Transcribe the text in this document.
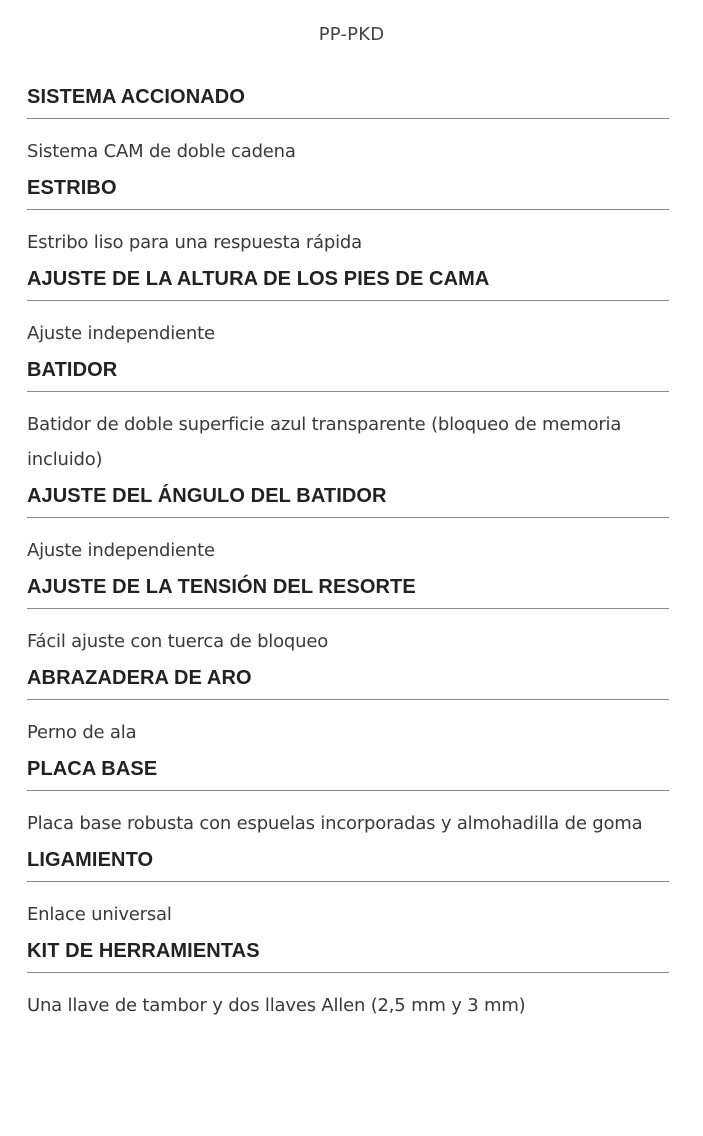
PP-PKD
SISTEMA ACCIONADO
Sistema CAM de doble cadena
ESTRIBO
Estribo liso para una respuesta rápida
AJUSTE DE LA ALTURA DE LOS PIES DE CAMA
Ajuste independiente
BATIDOR
Batidor de doble superficie azul transparente (bloqueo de memoria incluido)
AJUSTE DEL ÁNGULO DEL BATIDOR
Ajuste independiente
AJUSTE DE LA TENSIÓN DEL RESORTE
Fácil ajuste con tuerca de bloqueo
ABRAZADERA DE ARO
Perno de ala
PLACA BASE
Placa base robusta con espuelas incorporadas y almohadilla de goma
LIGAMIENTO
Enlace universal
KIT DE HERRAMIENTAS
Una llave de tambor y dos llaves Allen (2,5 mm y 3 mm)
